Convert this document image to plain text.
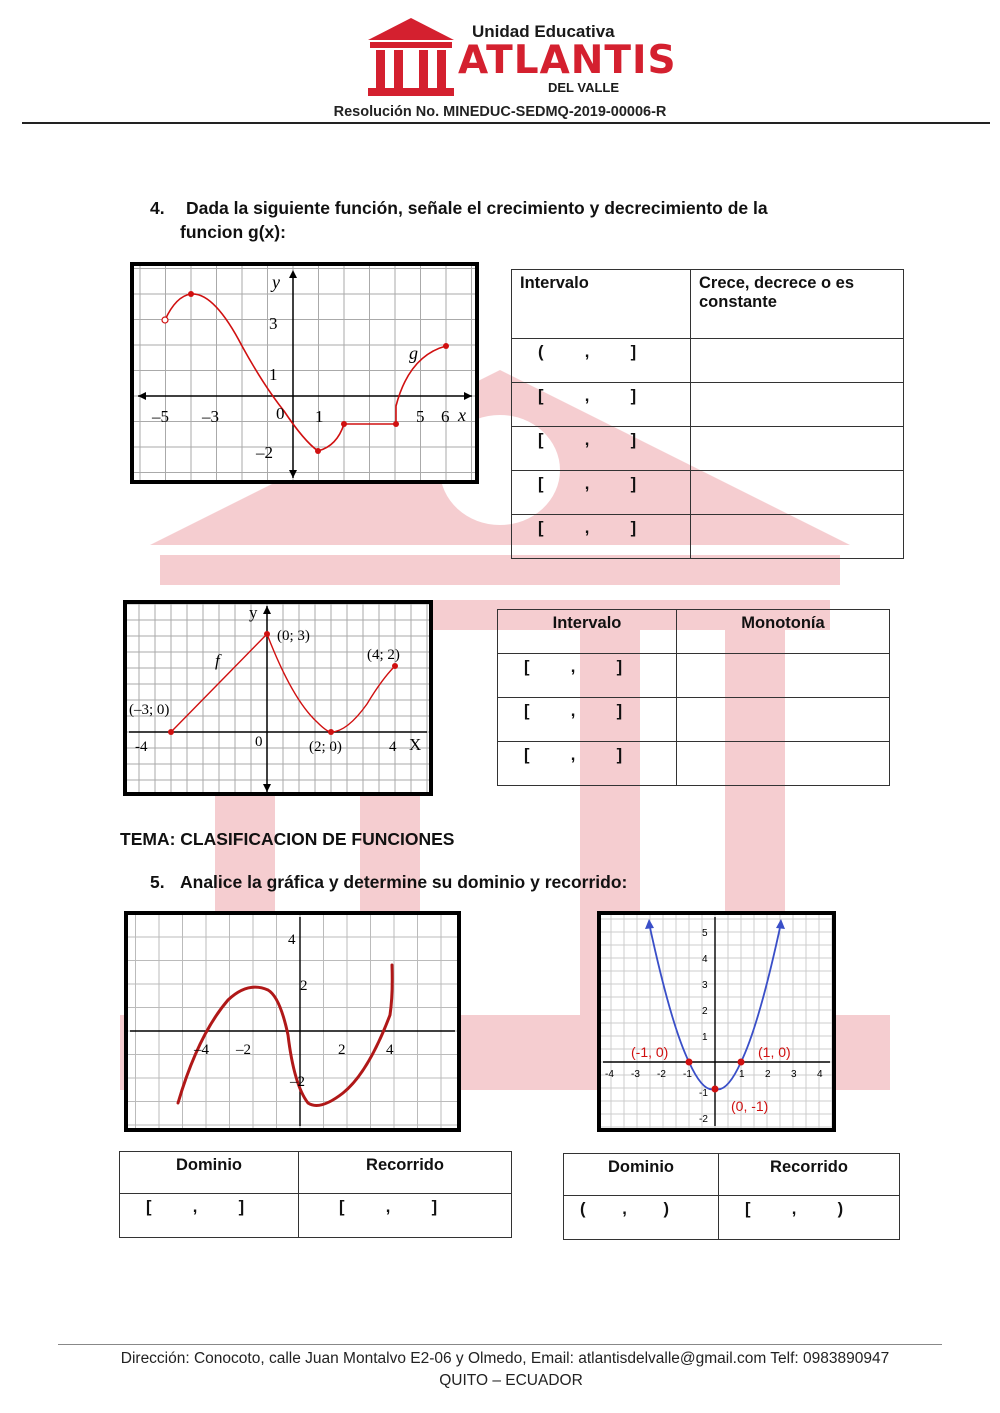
Unidad Educativa
ATLANTIS
DEL VALLE
Resolución No. MINEDUC-SEDMQ-2019-00006-R
4. Dada la siguiente función, señale el crecimiento y decrecimiento de la
funcion g(x):
y
x
g
–5 –3	0 1	5 6
3
1
–2
Intervalo	Crece, decrece o es constante
( , ]	
[ , ]	
[ , ]	
[ , ]	
[ , ]	
y
X
f
(0; 3)
(4; 2)
(–3; 0)
(2; 0)
-4	0	4
Intervalo	Monotonía
[ , ]	
[ , ]	
[ , ]	
TEMA: CLASIFICACION DE FUNCIONES
5. Analice la gráfica y determine su dominio y recorrido:
4
2
–2
–4 –2	2	4	(-1, 0)	(1, 0)
(0, -1)
-4 -3 -2 -1	1 2 3 4
5
4
3
2
1
-1
-2
Dominio	Recorrido
[ , ]	[ , ]
Dominio	Recorrido
( , )	[ , )
Dirección: Conocoto, calle Juan Montalvo E2-06 y Olmedo, Email: atlantisdelvalle@gmail.com Telf: 0983890947
QUITO – ECUADOR
